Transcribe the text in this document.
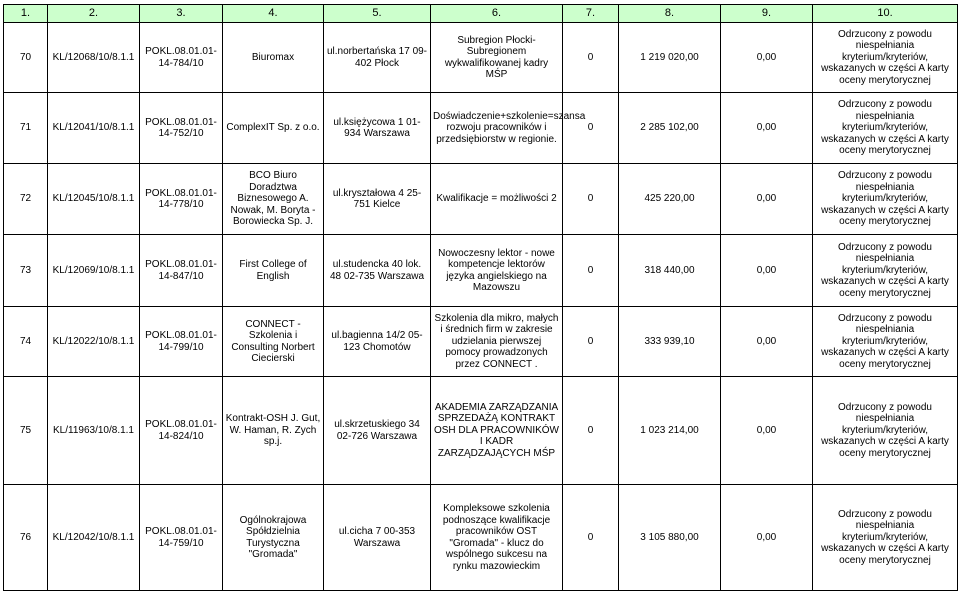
1.	2.	3.	4.	5.	6.	7.	8.	9.	10.
70	KL/12068/10/8.1.1	POKL.08.01.01-14-784/10	Biuromax	ul.norbertańska 17 09-402 Płock	Subregion Płocki-Subregionem wykwalifikowanej kadry MŚP	0	1 219 020,00	0,00	Odrzucony z powodu niespełniania kryterium/kryteriów, wskazanych w części A karty oceny merytorycznej
71	KL/12041/10/8.1.1	POKL.08.01.01-14-752/10	ComplexIT Sp. z o.o.	ul.księżycowa 1 01-934 Warszawa	Doświadczenie+szkolenie=szansa rozwoju pracowników i przedsiębiorstw w regionie.	0	2 285 102,00	0,00	Odrzucony z powodu niespełniania kryterium/kryteriów, wskazanych w części A karty oceny merytorycznej
72	KL/12045/10/8.1.1	POKL.08.01.01-14-778/10	BCO Biuro Doradztwa Biznesowego A. Nowak, M. Boryta - Borowiecka Sp. J.	ul.kryształowa 4 25-751 Kielce	Kwalifikacje = możliwości 2	0	425 220,00	0,00	Odrzucony z powodu niespełniania kryterium/kryteriów, wskazanych w części A karty oceny merytorycznej
73	KL/12069/10/8.1.1	POKL.08.01.01-14-847/10	First College of English	ul.studencka 40 lok. 48 02-735 Warszawa	Nowoczesny lektor - nowe kompetencje lektorów języka angielskiego na Mazowszu	0	318 440,00	0,00	Odrzucony z powodu niespełniania kryterium/kryteriów, wskazanych w części A karty oceny merytorycznej
74	KL/12022/10/8.1.1	POKL.08.01.01-14-799/10	CONNECT - Szkolenia i Consulting Norbert Ciecierski	ul.bagienna 14/2 05-123 Chomotów	Szkolenia dla mikro, małych i średnich firm w zakresie udzielania pierwszej pomocy prowadzonych przez CONNECT .	0	333 939,10	0,00	Odrzucony z powodu niespełniania kryterium/kryteriów, wskazanych w części A karty oceny merytorycznej
75	KL/11963/10/8.1.1	POKL.08.01.01-14-824/10	Kontrakt-OSH J. Gut, W. Haman, R. Zych sp.j.	ul.skrzetuskiego 34 02-726 Warszawa	AKADEMIA ZARZĄDZANIA SPRZEDAŻĄ KONTRAKT OSH DLA PRACOWNIKÓW I KADR ZARZĄDZAJĄCYCH MŚP	0	1 023 214,00	0,00	Odrzucony z powodu niespełniania kryterium/kryteriów, wskazanych w części A karty oceny merytorycznej
76	KL/12042/10/8.1.1	POKL.08.01.01-14-759/10	Ogólnokrajowa Spółdzielnia Turystyczna "Gromada"	ul.cicha 7 00-353 Warszawa	Kompleksowe szkolenia podnoszące kwalifikacje pracowników OST "Gromada" - klucz do wspólnego sukcesu na rynku mazowieckim	0	3 105 880,00	0,00	Odrzucony z powodu niespełniania kryterium/kryteriów, wskazanych w części A karty oceny merytorycznej
